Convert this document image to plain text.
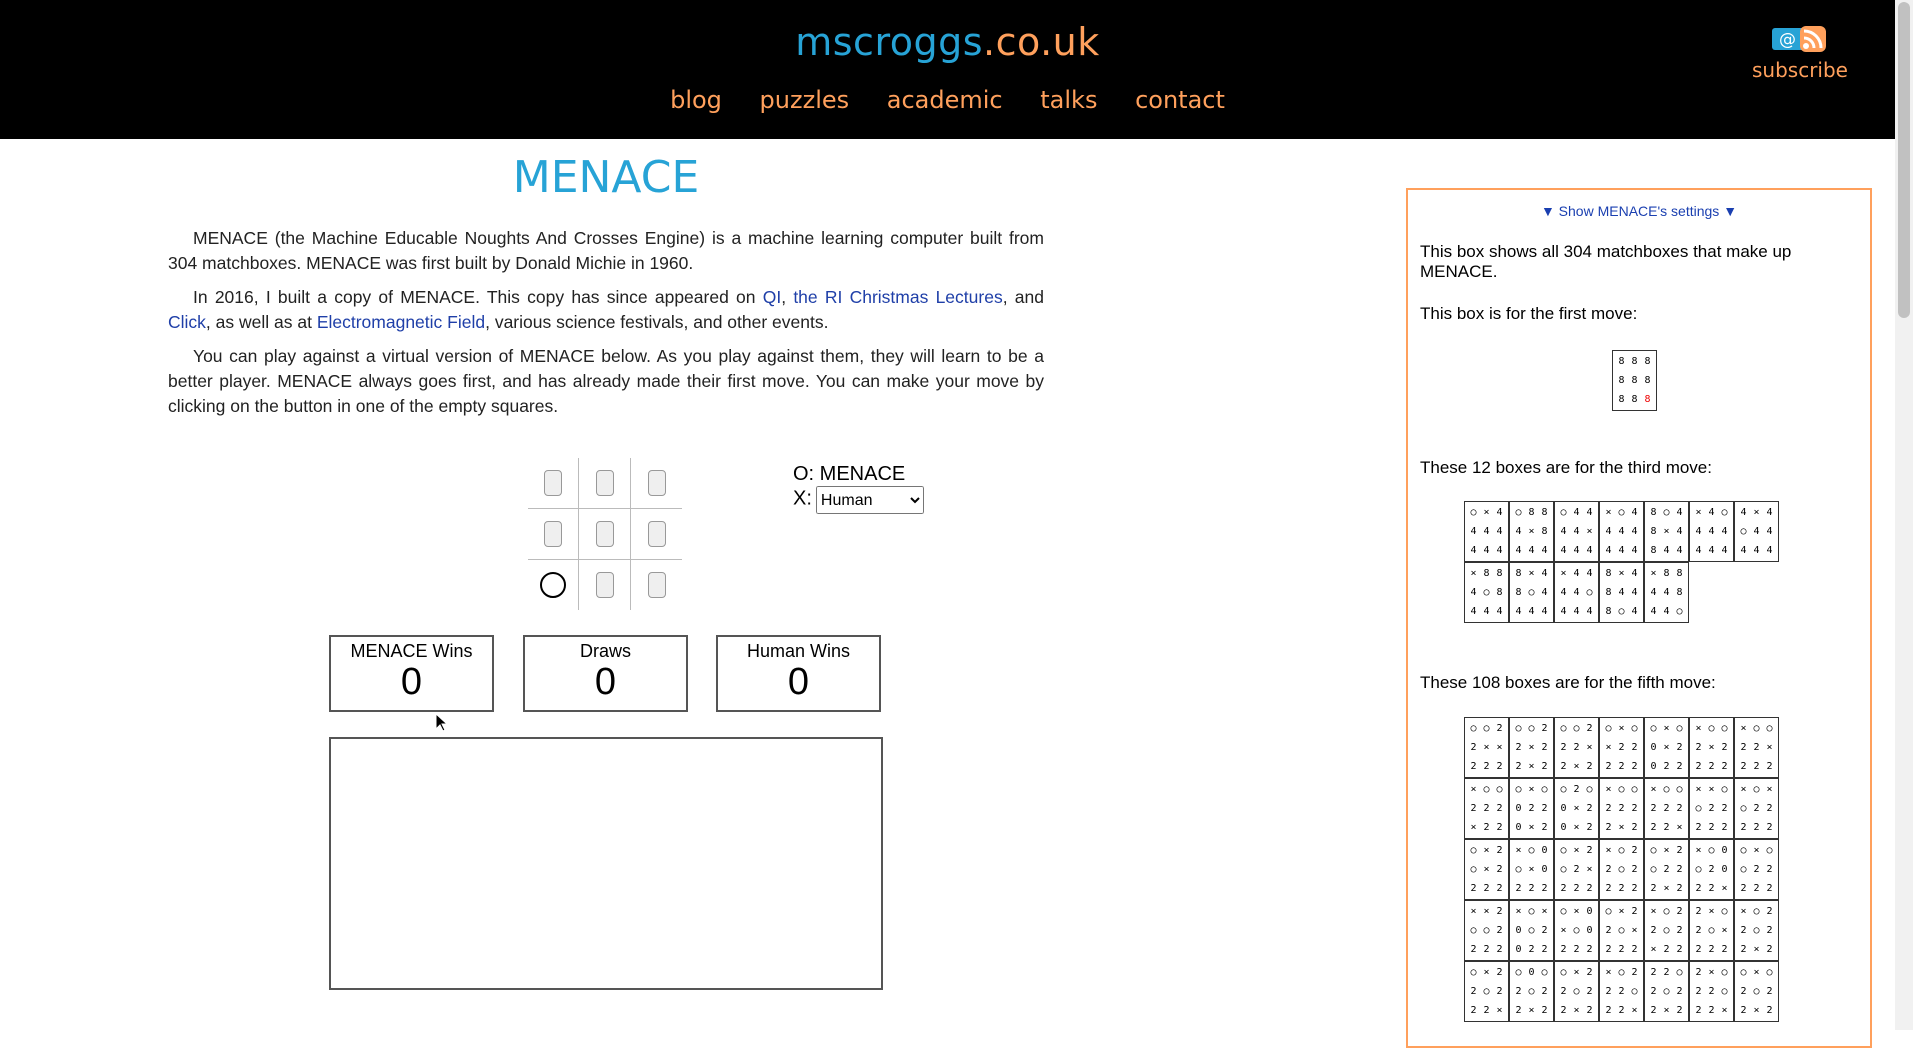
mscroggs.co.uk
blog puzzles academic talks contact
@
subscribe
MENACE

MENACE (the Machine Educable Noughts And Crosses Engine) is a machine learning computer built from 304 matchboxes. MENACE was first built by Donald Michie in 1960.

In 2016, I built a copy of MENACE. This copy has since appeared on QI, the RI Christmas Lectures, and Click, as well as at Electromagnetic Field, various science festivals, and other events.

You can play against a virtual version of MENACE below. As you play against them, they will learn to be a better player. MENACE always goes first, and has already made their first move. You can make your move by clicking on the button in one of the empty squares.

O: MENACE
X:
Human
MENACE Wins
0
Draws
0
Human Wins
0
▼ Show MENACE's settings ▼
This box shows all 304 matchboxes that make up MENACE.
This box is for the first move:
8 8 8
8 8 8
8 8 8
These 12 boxes are for the third move:
○ × 4
4 4 4
4 4 4
○ 8 8
4 × 8
4 4 4
○ 4 4
4 4 ×
4 4 4
× ○ 4
4 4 4
4 4 4
8 ○ 4
8 × 4
8 4 4
× 4 ○
4 4 4
4 4 4
4 × 4
○ 4 4
4 4 4
× 8 8
4 ○ 8
4 4 4
8 × 4
8 ○ 4
4 4 4
× 4 4
4 4 ○
4 4 4
8 × 4
8 4 4
8 ○ 4
× 8 8
4 4 8
4 4 ○
These 108 boxes are for the fifth move:
○ ○ 2
2 × ×
2 2 2
○ ○ 2
2 × 2
2 × 2
○ ○ 2
2 2 ×
2 × 2
○ × ○
× 2 2
2 2 2
○ × ○
0 × 2
0 2 2
× ○ ○
2 × 2
2 2 2
× ○ ○
2 2 ×
2 2 2
× ○ ○
2 2 2
× 2 2
○ × ○
0 2 2
0 × 2
○ 2 ○
0 × 2
0 × 2
× ○ ○
2 2 2
2 × 2
× ○ ○
2 2 2
2 2 ×
× × ○
○ 2 2
2 2 2
× ○ ×
○ 2 2
2 2 2
○ × 2
○ × 2
2 2 2
× ○ 0
○ × 0
2 2 2
○ × 2
○ 2 ×
2 2 2
× ○ 2
2 ○ 2
2 2 2
○ × 2
○ 2 2
2 × 2
× ○ 0
○ 2 0
2 2 ×
○ × ○
○ 2 2
2 2 2
× × 2
○ ○ 2
2 2 2
× ○ ×
0 ○ 2
0 2 2
○ × 0
× ○ 0
2 2 2
○ × 2
2 ○ ×
2 2 2
× ○ 2
2 ○ 2
× 2 2
2 × ○
2 ○ ×
2 2 2
× ○ 2
2 ○ 2
2 × 2
○ × 2
2 ○ 2
2 2 ×
○ 0 ○
2 ○ 2
2 × 2
○ × 2
2 ○ 2
2 × 2
× ○ 2
2 2 ○
2 2 ×
2 2 ○
2 ○ 2
2 × 2
2 × ○
2 2 ○
2 2 ×
○ × ○
2 ○ 2
2 × 2
